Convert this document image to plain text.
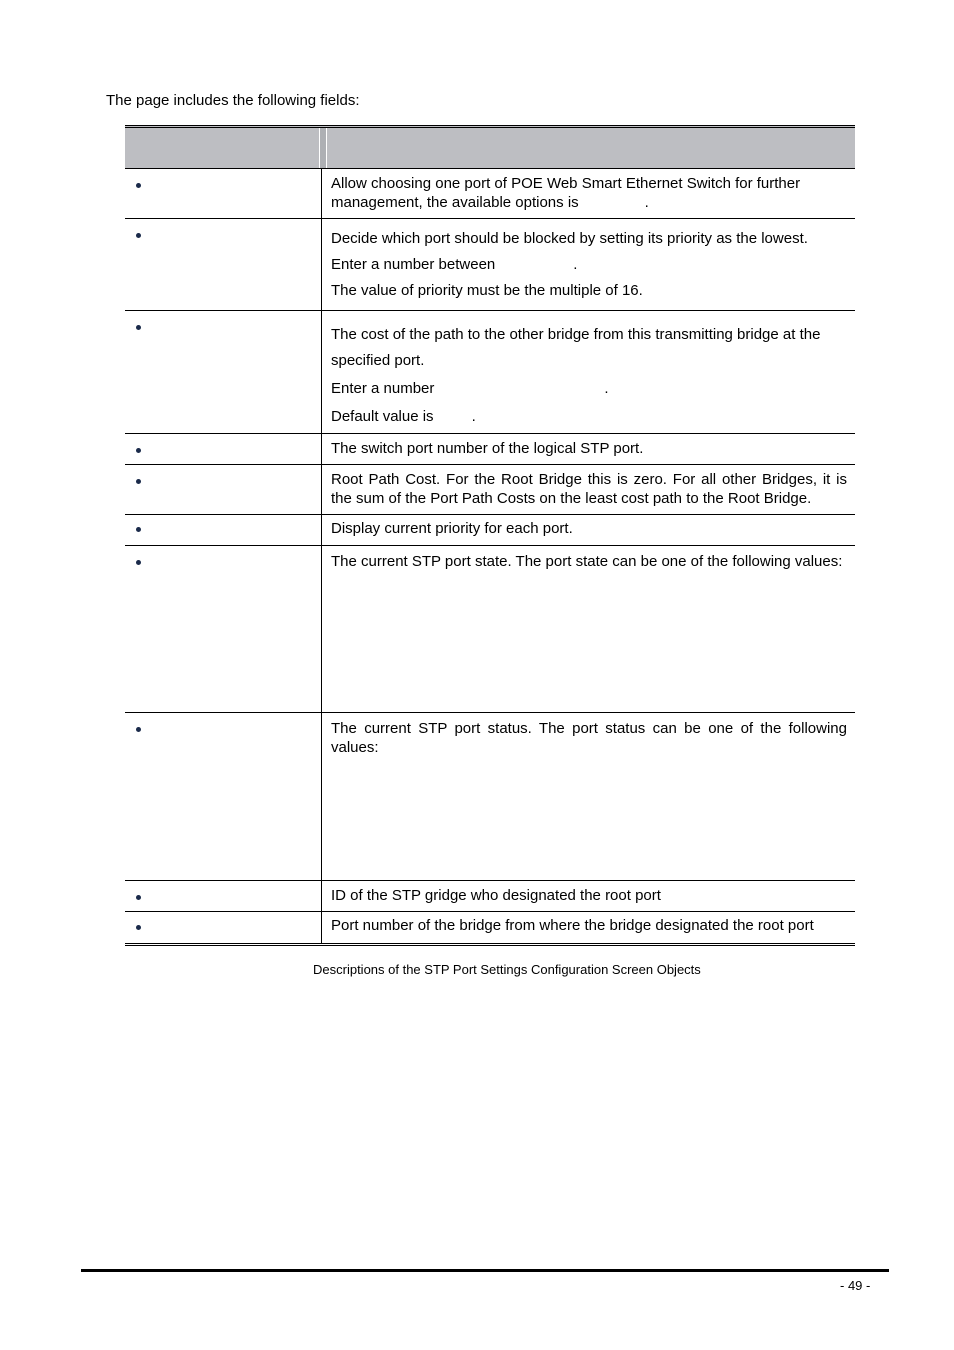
The page includes the following fields:

Allow choosing one port of POE Web Smart Ethernet Switch for further management, the available options is	.

Decide which port should be blocked by setting its priority as the lowest.

Enter a number between	.

The value of priority must be the multiple of 16.

The cost of the path to the other bridge from this transmitting bridge at the specified port.

Enter a number	.

Default value is	.

The switch port number of the logical STP port.

Root Path Cost. For the Root Bridge this is zero. For all other Bridges, it is the sum of the Port Path Costs on the least cost path to the Root Bridge.

Display current priority for each port.

The current STP port state. The port state can be one of the following values:

The current STP port status. The port status can be one of the following values:

ID of the STP gridge who designated the root port

Port number of the bridge from where the bridge designated the root port

Descriptions of the STP Port Settings Configuration Screen Objects

- 49 -
